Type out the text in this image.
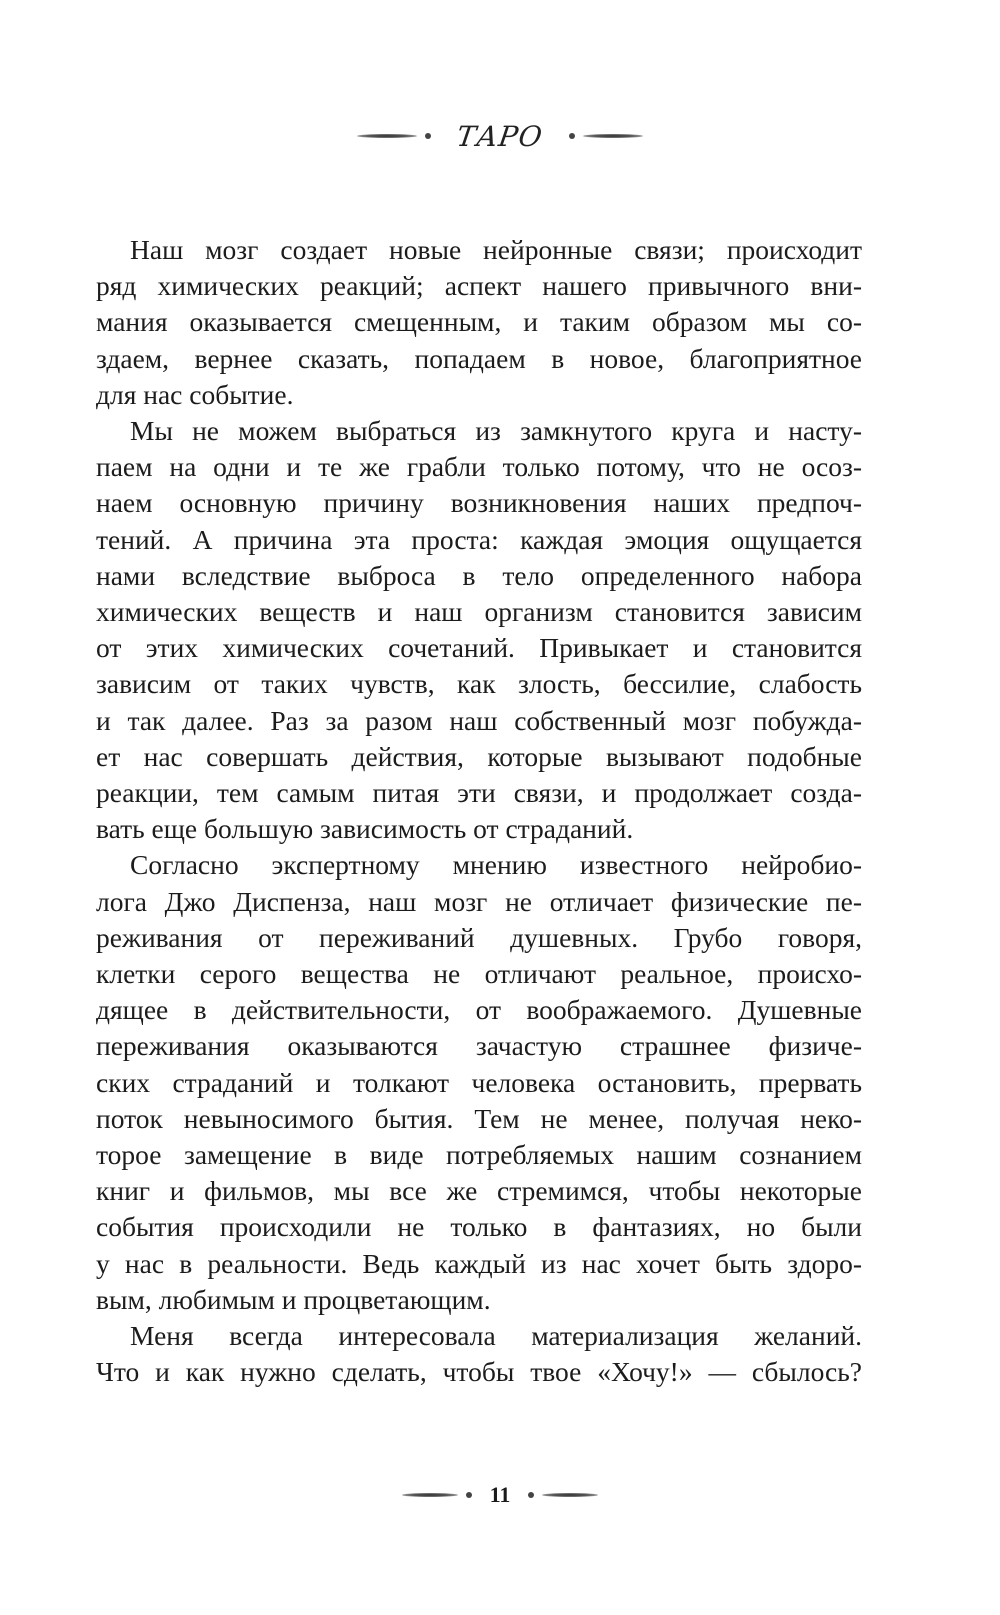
ТАРО
Наш мозг создает новые нейронные связи; происходит
ряд химических реакций; аспект нашего привычного вни-
мания оказывается смещенным, и таким образом мы со-
здаем, вернее сказать, попадаем в новое, благоприятное
для нас событие.
Мы не можем выбраться из замкнутого круга и насту-
паем на одни и те же грабли только потому, что не осоз-
наем основную причину возникновения наших предпоч-
тений. А причина эта проста: каждая эмоция ощущается
нами вследствие выброса в тело определенного набора
химических веществ и наш организм становится зависим
от этих химических сочетаний. Привыкает и становится
зависим от таких чувств, как злость, бессилие, слабость
и так далее. Раз за разом наш собственный мозг побужда-
ет нас совершать действия, которые вызывают подобные
реакции, тем самым питая эти связи, и продолжает созда-
вать еще большую зависимость от страданий.
Согласно экспертному мнению известного нейробио-
лога Джо Диспенза, наш мозг не отличает физические пе-
реживания от переживаний душевных. Грубо говоря,
клетки серого вещества не отличают реальное, происхо-
дящее в действительности, от воображаемого. Душевные
переживания оказываются зачастую страшнее физиче-
ских страданий и толкают человека остановить, прервать
поток невыносимого бытия. Тем не менее, получая неко-
торое замещение в виде потребляемых нашим сознанием
книг и фильмов, мы все же стремимся, чтобы некоторые
события происходили не только в фантазиях, но были
у нас в реальности. Ведь каждый из нас хочет быть здоро-
вым, любимым и процветающим.
Меня всегда интересовала материализация желаний.
Что и как нужно сделать, чтобы твое «Хочу!» — сбылось?
11
